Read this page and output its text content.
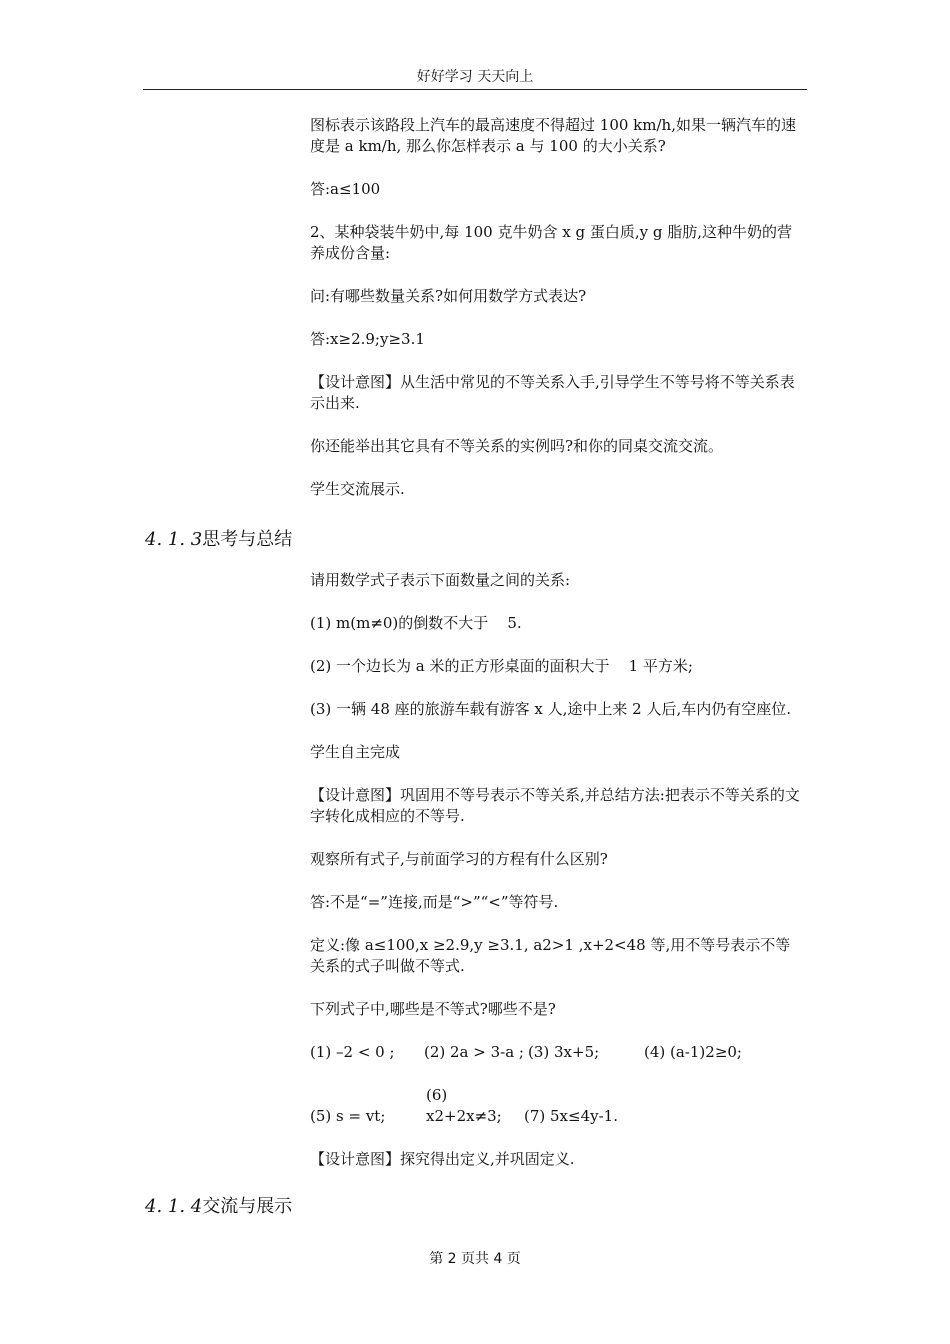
好好学习 天天向上

图标表示该路段上汽车的最高速度不得超过 100 km/h,如果一辆汽车的速度是 a km/h, 那么你怎样表示 a 与 100 的大小关系?

答:a≤100

2、某种袋装牛奶中,每 100 克牛奶含 x g 蛋白质,y g 脂肪,这种牛奶的营养成份含量:

问:有哪些数量关系?如何用数学方式表达?

答:x≥2.9;y≥3.1

【设计意图】从生活中常见的不等关系入手,引导学生不等号将不等关系表示出来.

你还能举出其它具有不等关系的实例吗?和你的同桌交流交流。

学生交流展示.

4. 1. 3思考与总结

请用数学式子表示下面数量之间的关系:

(1) m(m≠0)的倒数不大于    5.

(2) 一个边长为 a 米的正方形桌面的面积大于    1 平方米;

(3) 一辆 48 座的旅游车载有游客 x 人,途中上来 2 人后,车内仍有空座位.

学生自主完成

【设计意图】巩固用不等号表示不等关系,并总结方法:把表示不等关系的文字转化成相应的不等号.

观察所有式子,与前面学习的方程有什么区别?

答:不是“=”连接,而是“>”“<”等符号.

定义:像 a≤100,x ≥2.9,y ≥3.1, a2>1 ,x+2<48 等,用不等号表示不等关系的式子叫做不等式.

下列式子中,哪些是不等式?哪些不是?

(1) –2 < 0 ; (2) 2a > 3-a ; (3) 3x+5;	(4) (a-1)2≥0;

(5) s = vt;(6) x2+2x≠3; (7) 5x≤4y-1.

【设计意图】探究得出定义,并巩固定义.

4. 1. 4交流与展示
第 2 页共 4 页
